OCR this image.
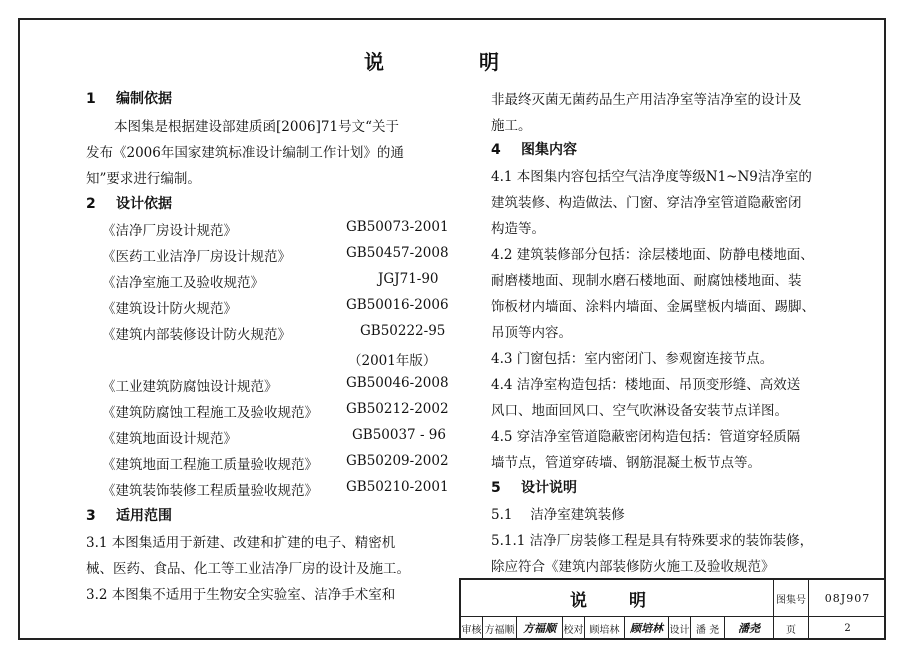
说 明
1 编制依据
本图集是根据建设部建质函[2006]71号文“关于
发布《2006年国家建筑标准设计编制工作计划》的通
知”要求进行编制。
2 设计依据
《洁净厂房设计规范》	GB50073-2001
《医药工业洁净厂房设计规范》	GB50457-2008
《洁净室施工及验收规范》	JGJ71-90
《建筑设计防火规范》	GB50016-2006
《建筑内部装修设计防火规范》	GB50222-95
（2001年版）
《工业建筑防腐蚀设计规范》	GB50046-2008
《建筑防腐蚀工程施工及验收规范》 GB50212-2002
《建筑地面设计规范》	GB50037 - 96
《建筑地面工程施工质量验收规范》 GB50209-2002
《建筑装饰装修工程质量验收规范》 GB50210-2001
3 适用范围
3.1 本图集适用于新建、改建和扩建的电子、精密机
械、医药、食品、化工等工业洁净厂房的设计及施工。
3.2 本图集不适用于生物安全实验室、洁净手术室和
非最终灭菌无菌药品生产用洁净室等洁净室的设计及
施工。
4 图集内容
4.1 本图集内容包括空气洁净度等级N1~N9洁净室的
建筑装修、构造做法、门窗、穿洁净室管道隐蔽密闭
构造等。
4.2 建筑装修部分包括：涂层楼地面、防静电楼地面、
耐磨楼地面、现制水磨石楼地面、耐腐蚀楼地面、装
饰板材内墙面、涂料内墙面、金属壁板内墙面、踢脚、
吊顶等内容。
4.3 门窗包括：室内密闭门、参观窗连接节点。
4.4 洁净室构造包括：楼地面、吊顶变形缝、高效送
风口、地面回风口、空气吹淋设备安装节点详图。
4.5 穿洁净室管道隐蔽密闭构造包括：管道穿轻质隔
墙节点，管道穿砖墙、钢筋混凝土板节点等。
5 设计说明
5.1　 洁净室建筑装修
5.1.1 洁净厂房装修工程是具有特殊要求的装饰装修，
除应符合《建筑内部装修防火施工及验收规范》
说 明	图集号	08J907
审核 方福顺 方福顺 校对 顾培林 顾培林 设计 潘 尧	潘尧	页	2
